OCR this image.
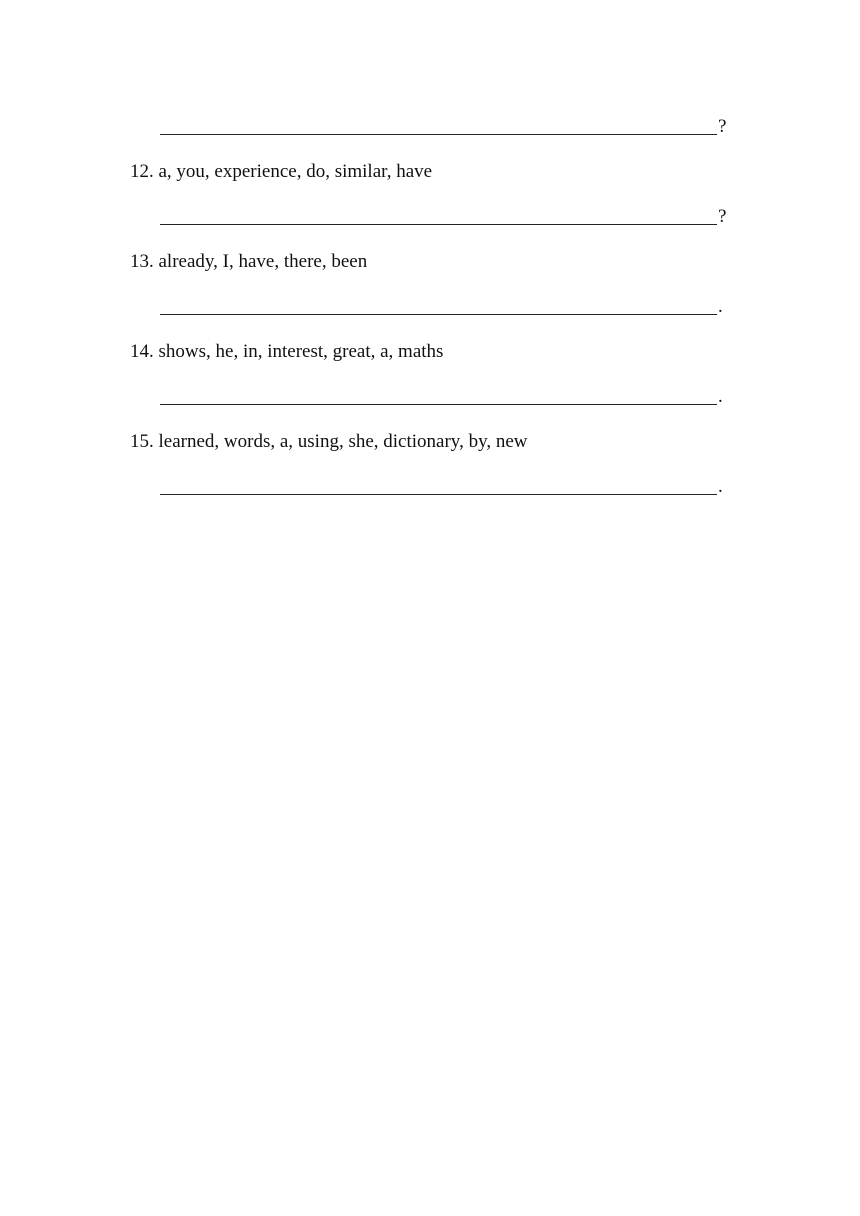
?
12. a, you, experience, do, similar, have
?
13. already, I, have, there, been
.
14. shows, he, in, interest, great, a, maths
.
15. learned, words, a, using, she, dictionary, by, new
.
